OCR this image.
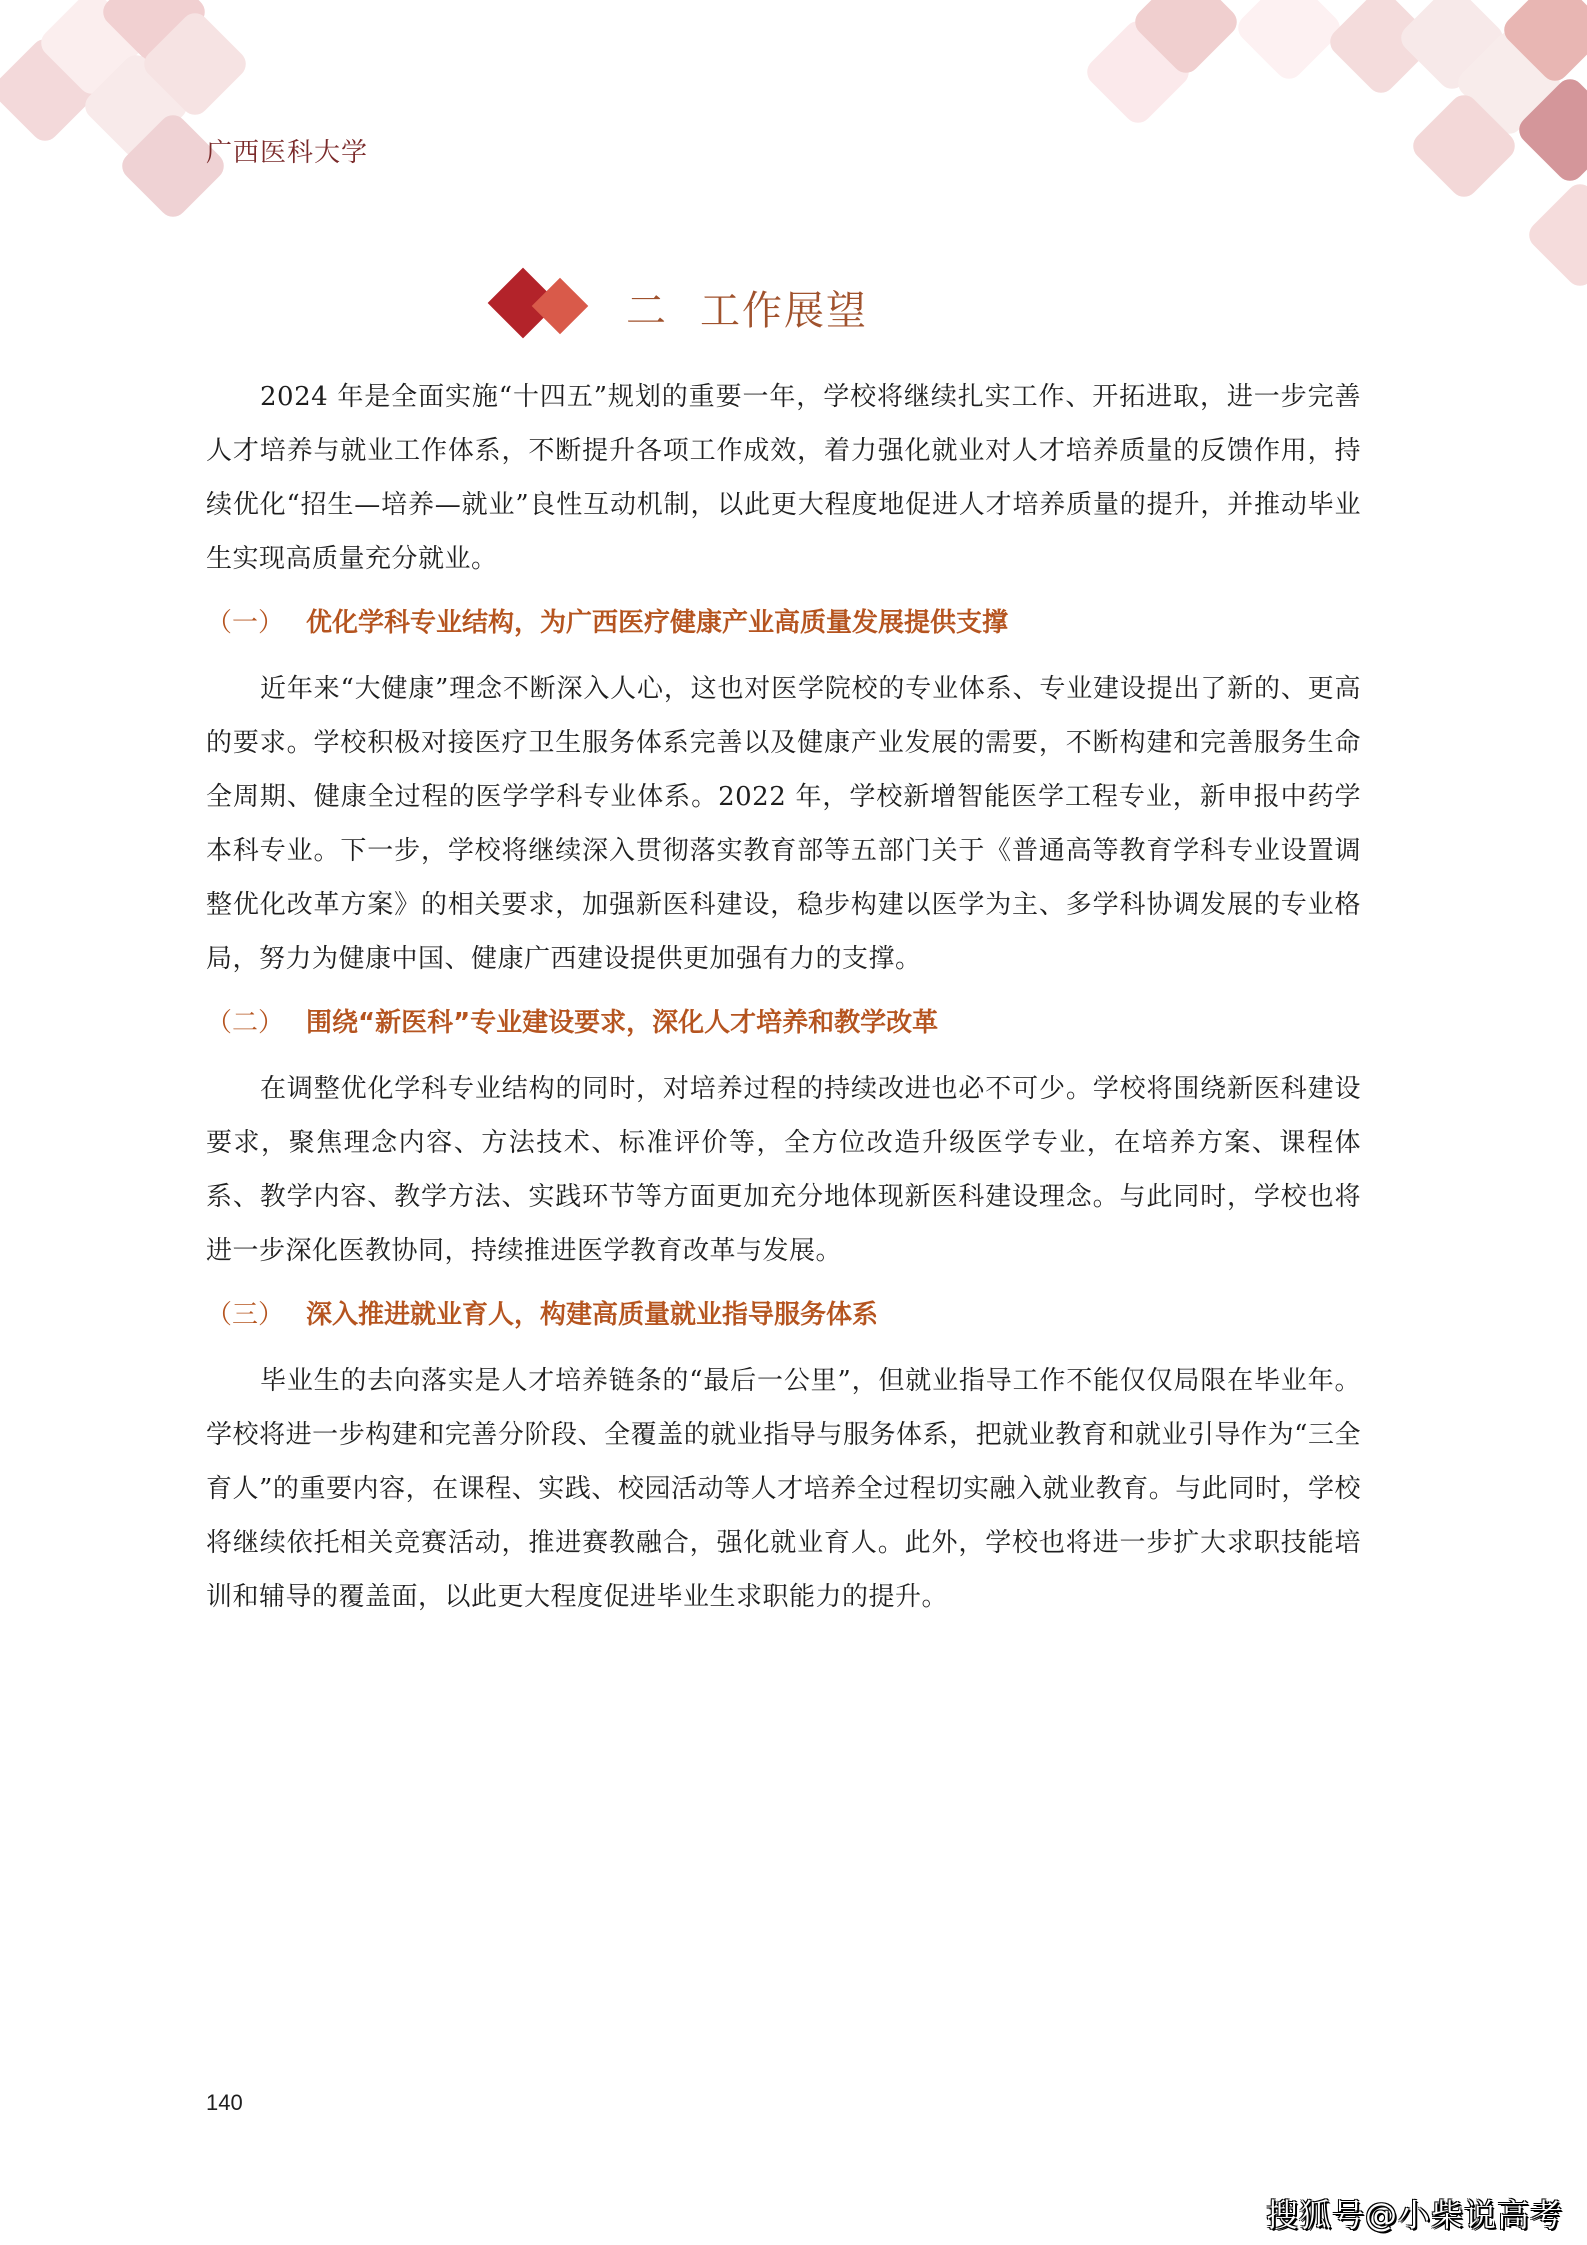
广西医科大学
二 工作展望

2024 年是全面实施“十四五”规划的重要一年，学校将继续扎实工作、开拓进取，进一步完善人才培养与就业工作体系，不断提升各项工作成效，着力强化就业对人才培养质量的反馈作用，持续优化“招生—培养—就业”良性互动机制，以此更大程度地促进人才培养质量的提升，并推动毕业生实现高质量充分就业。

（一） 优化学科专业结构，为广西医疗健康产业高质量发展提供支撑

近年来“大健康”理念不断深入人心，这也对医学院校的专业体系、专业建设提出了新的、更高的要求。学校积极对接医疗卫生服务体系完善以及健康产业发展的需要，不断构建和完善服务生命全周期、健康全过程的医学学科专业体系。2022 年，学校新增智能医学工程专业，新申报中药学本科专业。下一步，学校将继续深入贯彻落实教育部等五部门关于《普通高等教育学科专业设置调整优化改革方案》的相关要求，加强新医科建设，稳步构建以医学为主、多学科协调发展的专业格局，努力为健康中国、健康广西建设提供更加强有力的支撑。

（二） 围绕“新医科”专业建设要求，深化人才培养和教学改革

在调整优化学科专业结构的同时，对培养过程的持续改进也必不可少。学校将围绕新医科建设要求，聚焦理念内容、方法技术、标准评价等，全方位改造升级医学专业，在培养方案、课程体系、教学内容、教学方法、实践环节等方面更加充分地体现新医科建设理念。与此同时，学校也将进一步深化医教协同，持续推进医学教育改革与发展。

（三） 深入推进就业育人，构建高质量就业指导服务体系

毕业生的去向落实是人才培养链条的“最后一公里”，但就业指导工作不能仅仅局限在毕业年。学校将进一步构建和完善分阶段、全覆盖的就业指导与服务体系，把就业教育和就业引导作为“三全育人”的重要内容，在课程、实践、校园活动等人才培养全过程切实融入就业教育。与此同时，学校将继续依托相关竞赛活动，推进赛教融合，强化就业育人。此外，学校也将进一步扩大求职技能培训和辅导的覆盖面，以此更大程度促进毕业生求职能力的提升。

140
搜狐号@小柴说高考
